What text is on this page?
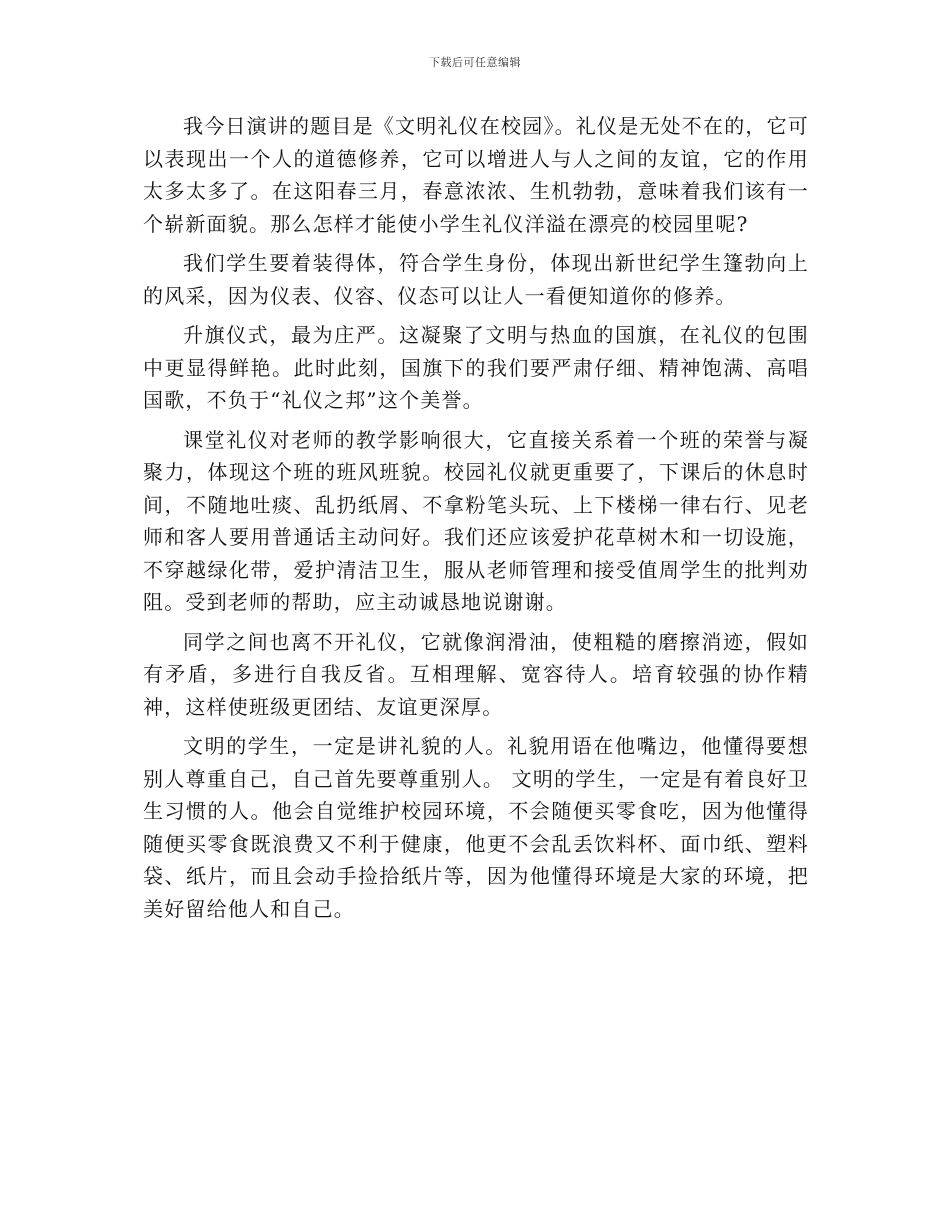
下载后可任意编辑

我今日演讲的题目是《文明礼仪在校园》。礼仪是无处不在的，它可以表现出一个人的道德修养，它可以增进人与人之间的友谊，它的作用太多太多了。在这阳春三月，春意浓浓、生机勃勃，意味着我们该有一个崭新面貌。那么怎样才能使小学生礼仪洋溢在漂亮的校园里呢?

我们学生要着装得体，符合学生身份，体现出新世纪学生篷勃向上的风采，因为仪表、仪容、仪态可以让人一看便知道你的修养。

升旗仪式，最为庄严。这凝聚了文明与热血的国旗，在礼仪的包围中更显得鲜艳。此时此刻，国旗下的我们要严肃仔细、精神饱满、高唱国歌，不负于“礼仪之邦”这个美誉。

课堂礼仪对老师的教学影响很大，它直接关系着一个班的荣誉与凝聚力，体现这个班的班风班貌。校园礼仪就更重要了，下课后的休息时间，不随地吐痰、乱扔纸屑、不拿粉笔头玩、上下楼梯一律右行、见老师和客人要用普通话主动问好。我们还应该爱护花草树木和一切设施，不穿越绿化带，爱护清洁卫生，服从老师管理和接受值周学生的批判劝阻。受到老师的帮助，应主动诚恳地说谢谢。

同学之间也离不开礼仪，它就像润滑油，使粗糙的磨擦消迹，假如有矛盾，多进行自我反省。互相理解、宽容待人。培育较强的协作精神，这样使班级更团结、友谊更深厚。

文明的学生，一定是讲礼貌的人。礼貌用语在他嘴边，他懂得要想别人尊重自己，自己首先要尊重别人。 文明的学生，一定是有着良好卫生习惯的人。他会自觉维护校园环境，不会随便买零食吃，因为他懂得随便买零食既浪费又不利于健康，他更不会乱丢饮料杯、面巾纸、塑料袋、纸片，而且会动手捡拾纸片等，因为他懂得环境是大家的环境，把美好留给他人和自己。
